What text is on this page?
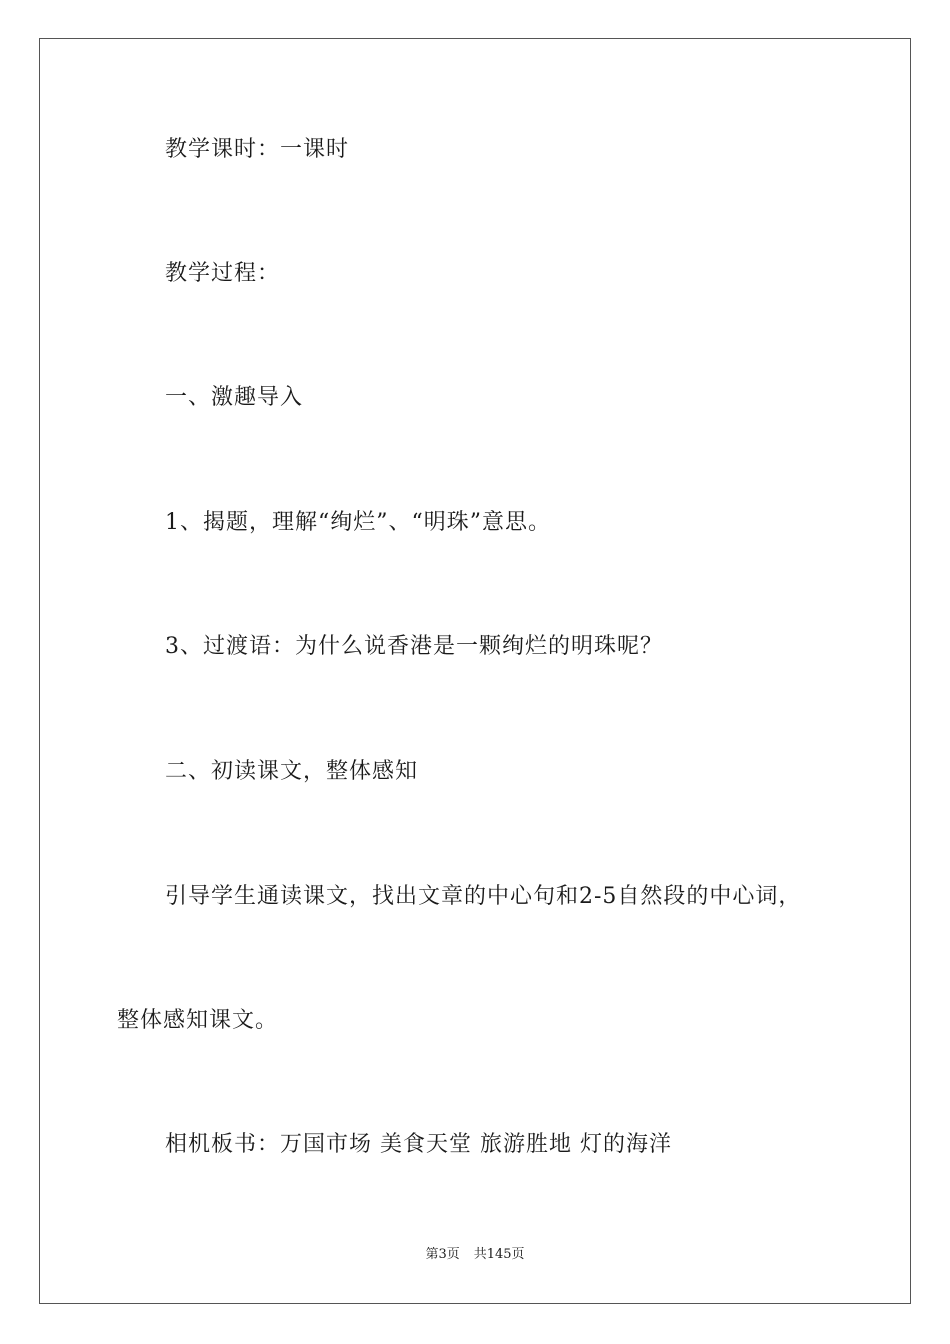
教学课时：一课时
教学过程：
一、激趣导入
1、揭题，理解“绚烂”、“明珠”意思。
3、过渡语：为什么说香港是一颗绚烂的明珠呢？
二、初读课文，整体感知
引导学生通读课文，找出文章的中心句和2-5自然段的中心词，
整体感知课文。
相机板书：万国市场 美食天堂 旅游胜地 灯的海洋
第3页 共145页
